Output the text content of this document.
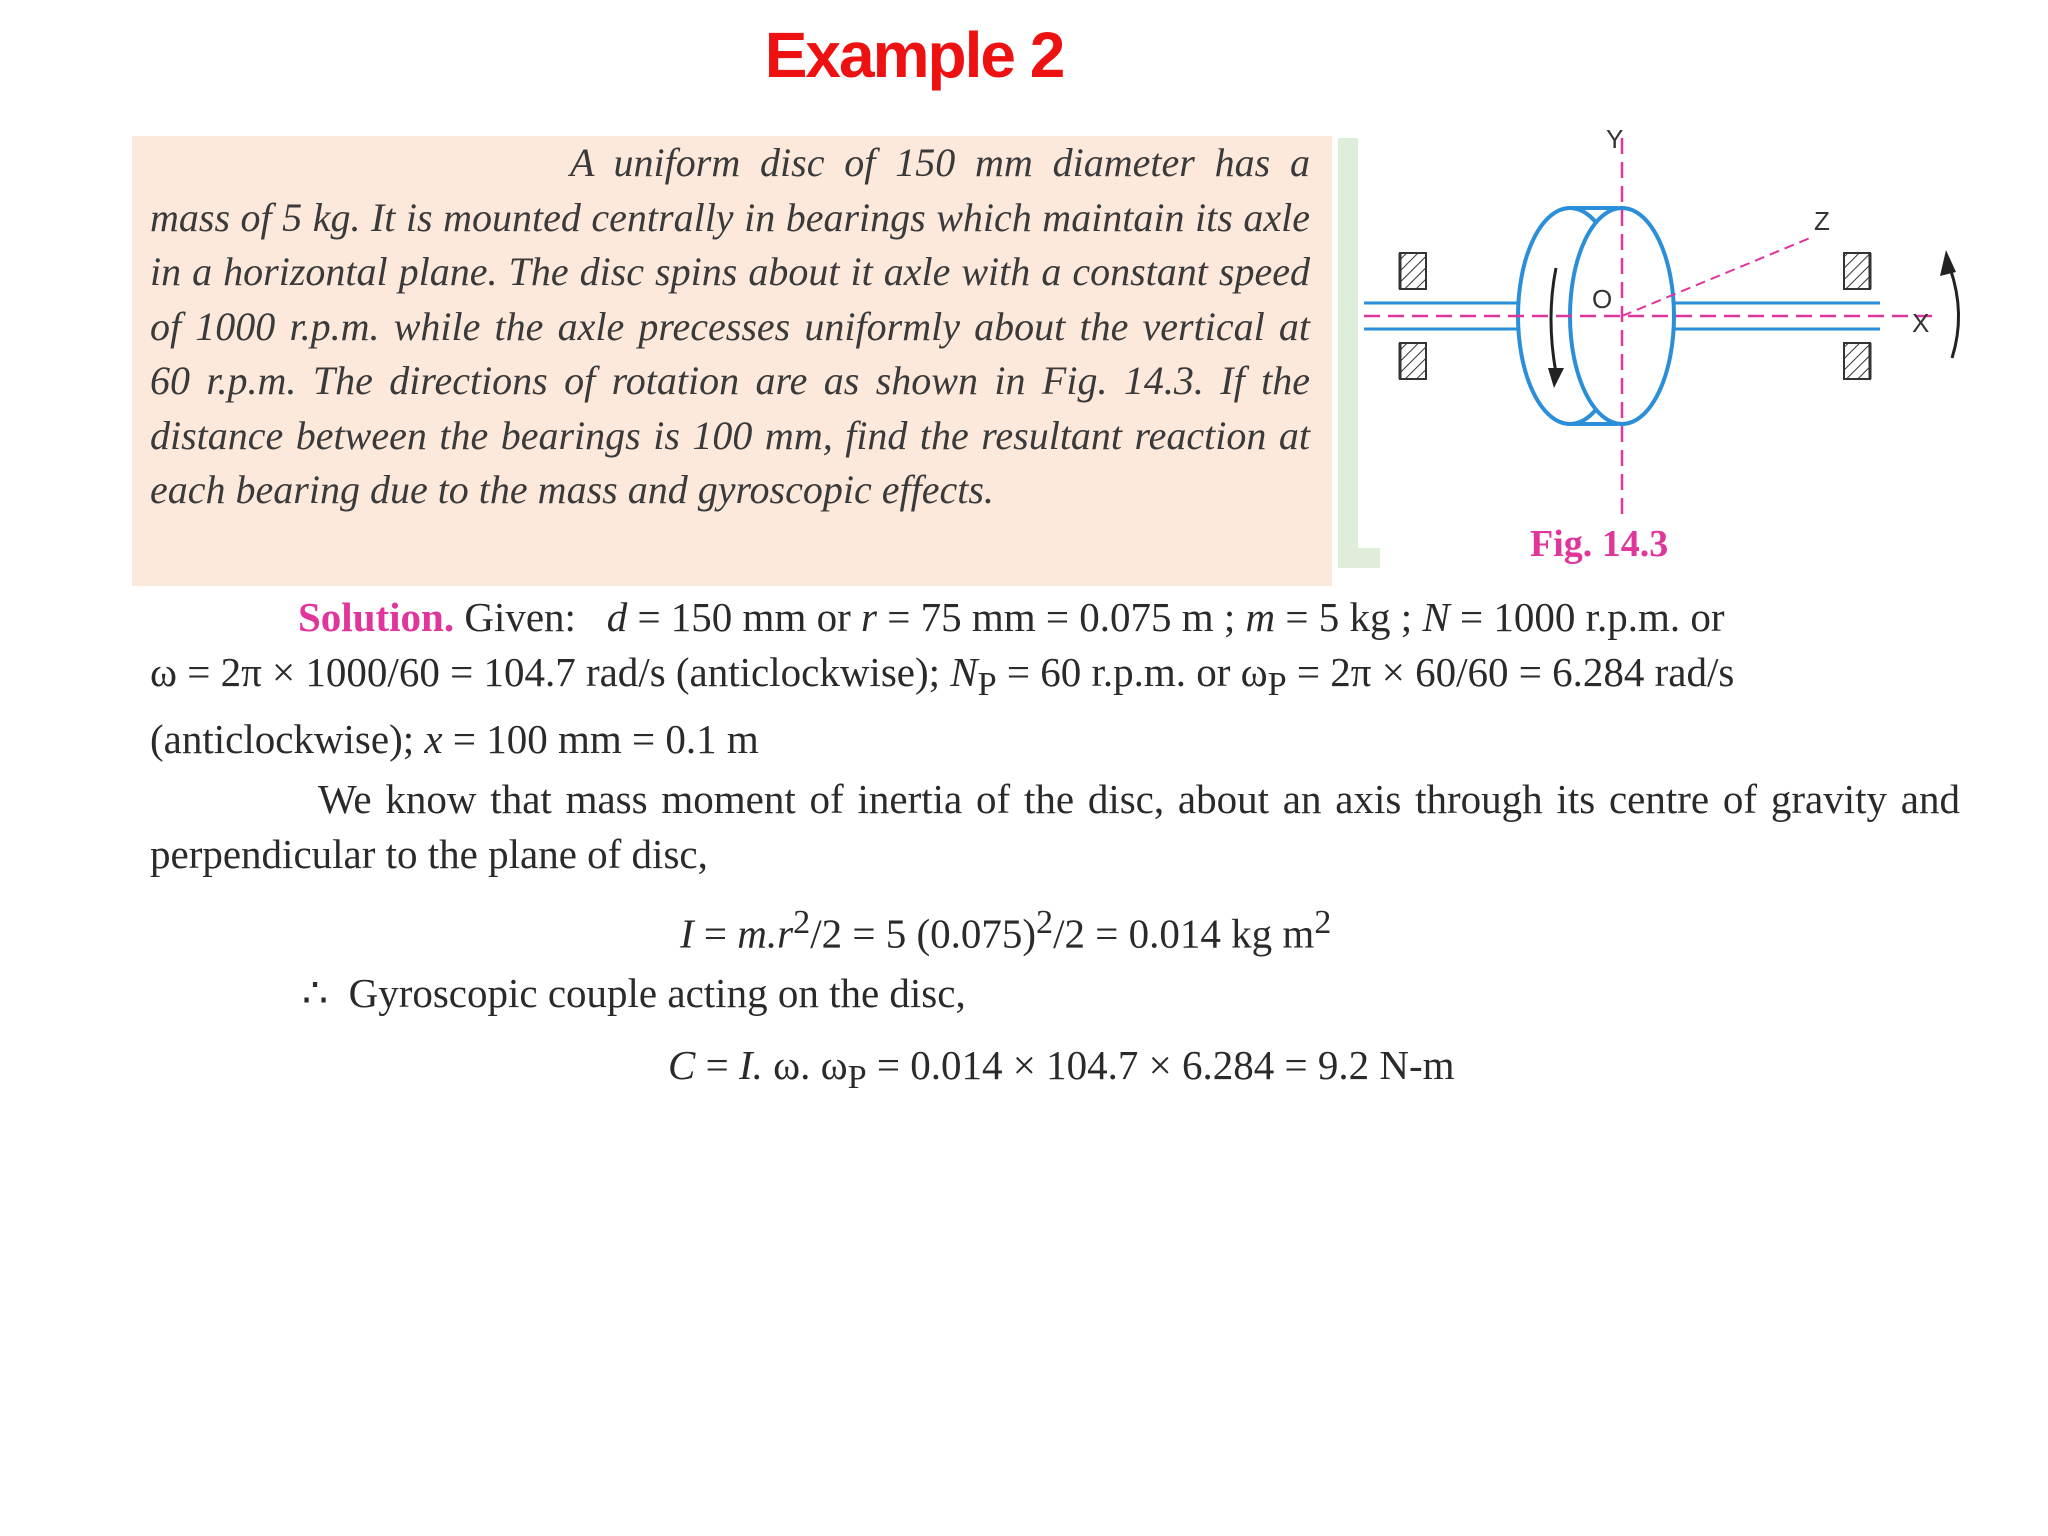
Example 2
A uniform disc of 150 mm diameter has a mass of 5 kg. It is mounted centrally in bearings which maintain its axle in a horizontal plane. The disc spins about it axle with a constant speed of 1000 r.p.m. while the axle precesses uniformly about the vertical at 60 r.p.m. The directions of rotation are as shown in Fig. 14.3. If the distance between the bearings is 100 mm, find the resultant reaction at each bearing due to the mass and gyroscopic effects.
Y
Z
X
O
Fig. 14.3
Solution. Given: d = 150 mm or r = 75 mm = 0.075 m ; m = 5 kg ; N = 1000 r.p.m. or
ω = 2π × 1000/60 = 104.7 rad/s (anticlockwise); $N_P = 60$ r.p.m. or $\omega_P = 2\pi \times 60/60 = 6.284$ rad/s
(anticlockwise); x = 100 mm = 0.1 m
We know that mass moment of inertia of the disc, about an axis through its centre of gravity and perpendicular to the plane of disc,
$I = m.r^2/2 = 5$ $(0.075)^2/2 = 0.014$ kg $m^2$
∴  Gyroscopic couple acting on the disc,
C = I. ω. $\omega_P = 0.014 \times 104.7 \times 6.284 = 9.2$ N-m
